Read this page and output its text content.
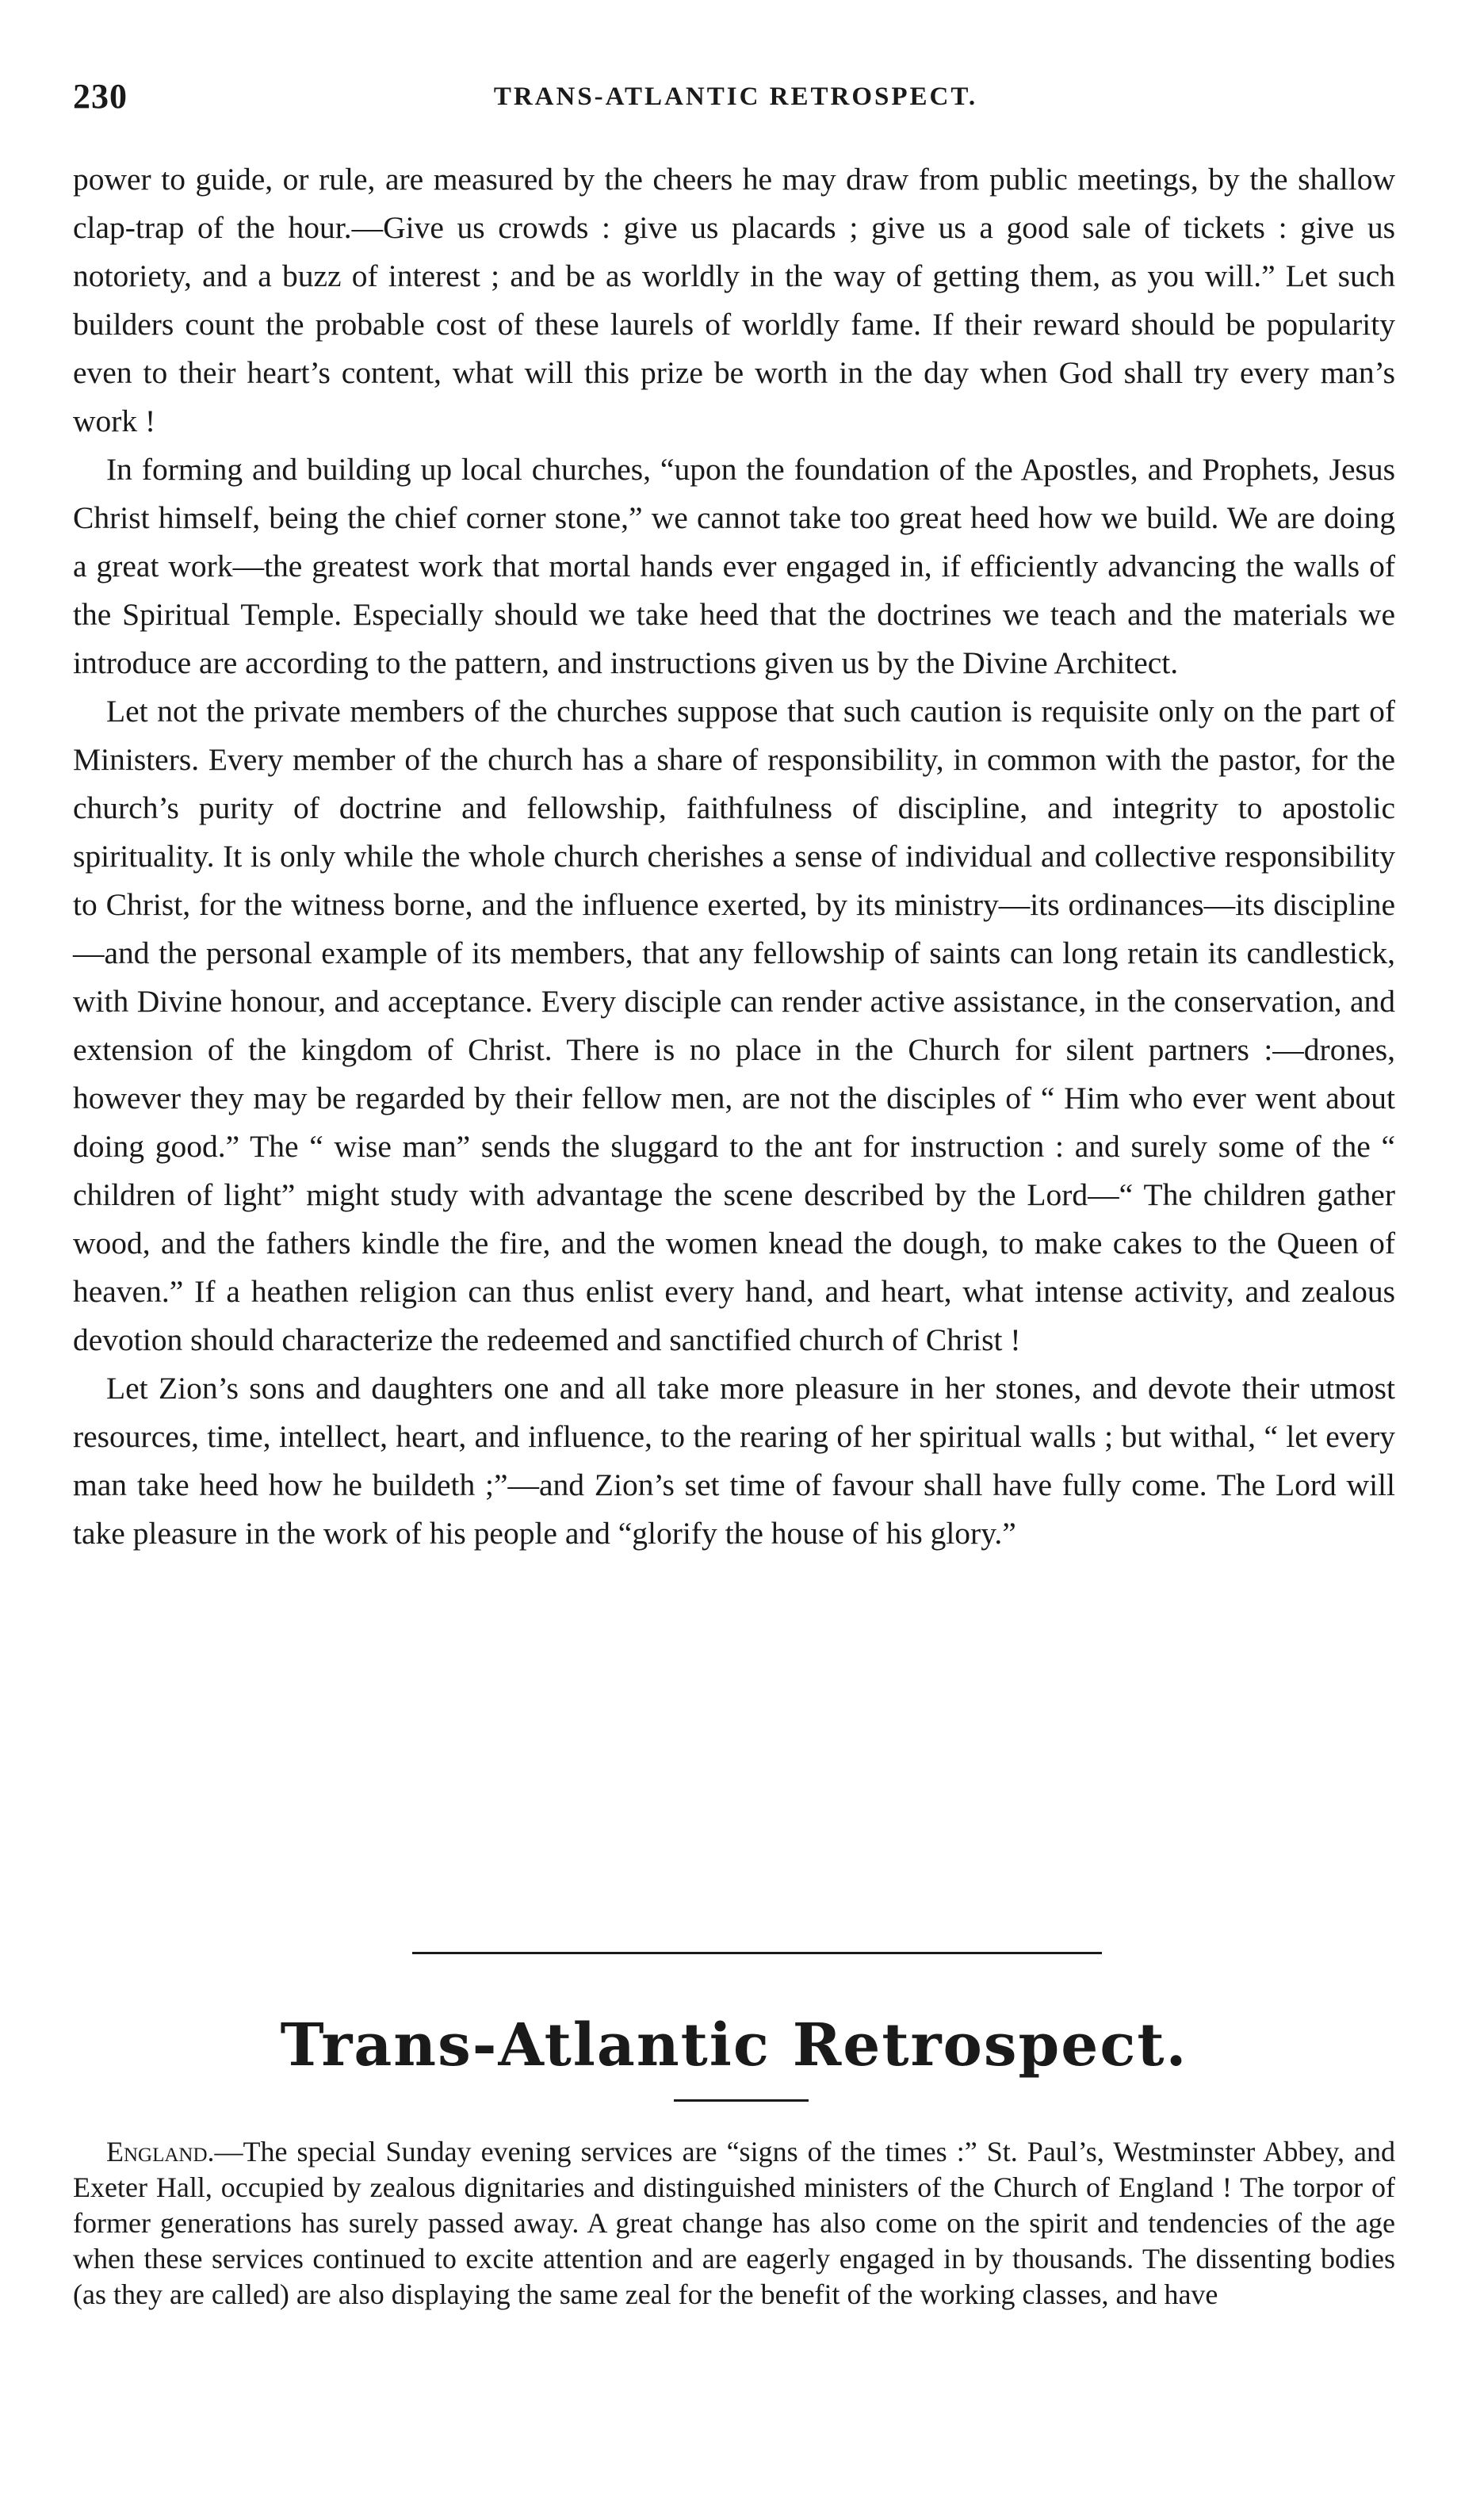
230	TRANS-ATLANTIC RETROSPECT.

power to guide, or rule, are measured by the cheers he may draw from public meetings, by the shallow clap-trap of the hour.—Give us crowds : give us placards ; give us a good sale of tickets : give us notoriety, and a buzz of interest ; and be as worldly in the way of getting them, as you will.” Let such builders count the probable cost of these laurels of worldly fame. If their reward should be popularity even to their heart’s content, what will this prize be worth in the day when God shall try every man’s work !

In forming and building up local churches, “upon the foundation of the Apostles, and Prophets, Jesus Christ himself, being the chief corner stone,” we cannot take too great heed how we build. We are doing a great work—the greatest work that mortal hands ever engaged in, if efficiently advancing the walls of the Spiritual Temple. Especially should we take heed that the doctrines we teach and the materials we introduce are according to the pattern, and instructions given us by the Divine Architect.

Let not the private members of the churches suppose that such caution is requisite only on the part of Ministers. Every member of the church has a share of responsibility, in common with the pastor, for the church’s purity of doctrine and fellowship, faithfulness of discipline, and integrity to apostolic spirituality. It is only while the whole church cherishes a sense of individual and collective responsibility to Christ, for the witness borne, and the influence exerted, by its ministry—its ordinances—its discipline—and the personal example of its members, that any fellowship of saints can long retain its candlestick, with Divine honour, and acceptance. Every disciple can render active assistance, in the conservation, and extension of the kingdom of Christ. There is no place in the Church for silent partners :—drones, however they may be regarded by their fellow men, are not the disciples of “ Him who ever went about doing good.” The “ wise man” sends the sluggard to the ant for instruction : and surely some of the “ children of light” might study with advantage the scene described by the Lord—“ The children gather wood, and the fathers kindle the fire, and the women knead the dough, to make cakes to the Queen of heaven.” If a heathen religion can thus enlist every hand, and heart, what intense activity, and zealous devotion should characterize the redeemed and sanctified church of Christ !

Let Zion’s sons and daughters one and all take more pleasure in her stones, and devote their utmost resources, time, intellect, heart, and influence, to the rearing of her spiritual walls ; but withal, “ let every man take heed how he buildeth ;”—and Zion’s set time of favour shall have fully come. The Lord will take pleasure in the work of his people and “glorify the house of his glory.”

Trans-Atlantic Retrospect.

England.—The special Sunday evening services are “signs of the times :” St. Paul’s, Westminster Abbey, and Exeter Hall, occupied by zealous dignitaries and distinguished ministers of the Church of England ! The torpor of former generations has surely passed away. A great change has also come on the spirit and tendencies of the age when these services continued to excite attention and are eagerly engaged in by thousands. The dissenting bodies (as they are called) are also displaying the same zeal for the benefit of the working classes, and have
